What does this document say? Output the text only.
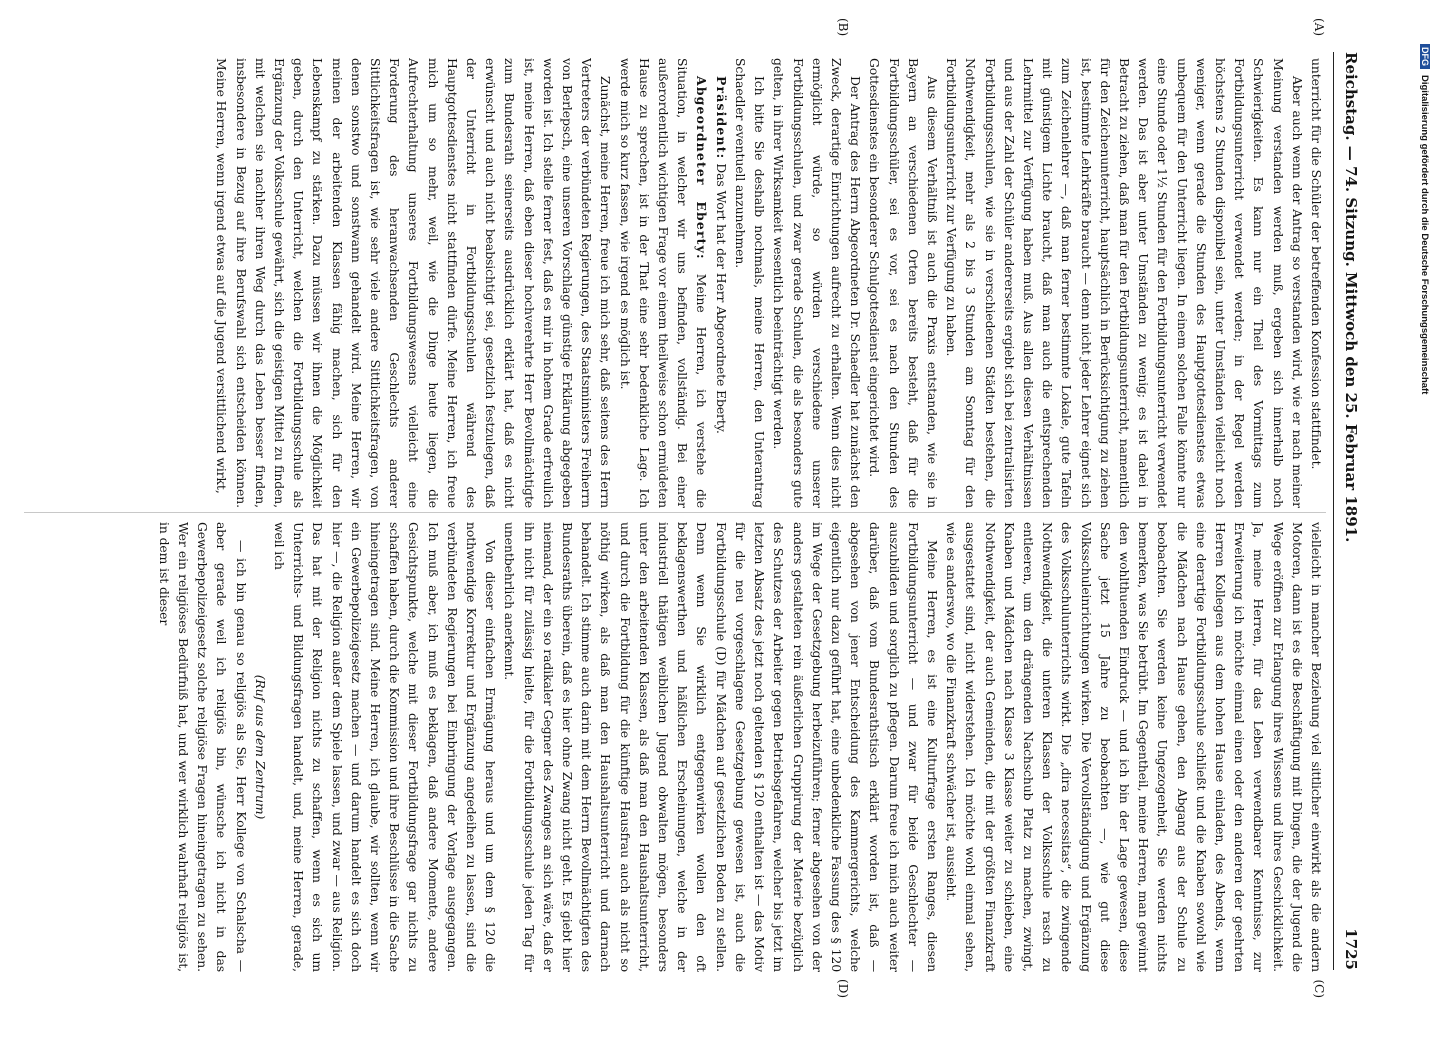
Reichstag. — 74. Sitzung. Mittwoch den 25. Februar 1891.
1725
(A)
(B)
(C)
(D)

unterricht für die Schüler der betreffenden Konfession stattfindet.

Aber auch wenn der Antrag so verstanden wird, wie er nach meiner Meinung verstanden werden muß, ergeben sich innerhalb noch Schwierigkeiten. Es kann nur ein Theil des Vormittags zum Fortbildungsunterricht verwendet werden; in der Regel werden höchstens 2 Stunden disponibel sein, unter Umständen vielleicht noch weniger, wenn gerade die Stunden des Hauptgottesdienstes etwas unbequem für den Unterricht liegen. In einem solchen Falle könnte nur eine Stunde oder 1½ Stunden für den Fortbildungsunterricht verwendet werden. Das ist aber unter Umständen zu wenig; es ist dabei in Betracht zu ziehen, daß man für den Fortbildungsunterricht, namentlich für den Zeichenunterricht, hauptsächlich in Berücksichtigung zu ziehen ist, bestimmte Lehrkräfte braucht — denn nicht jeder Lehrer eignet sich zum Zeichenlehrer —, daß man ferner bestimmte Lokale, gute Tafeln mit günstigem Lichte braucht, daß man auch die entsprechenden Lehrmittel zur Verfügung haben muß. Aus allen diesen Verhältnissen und aus der Zahl der Schüler andererseits ergiebt sich bei zentralisirten Fortbildungsschulen, wie sie in verschiedenen Städten bestehen, die Nothwendigkeit, mehr als 2 bis 3 Stunden am Sonntag für den Fortbildungsunterricht zur Verfügung zu haben.

Aus diesem Verhältniß ist auch die Praxis entstanden, wie sie in Bayern an verschiedenen Orten bereits besteht, daß für die Fortbildungsschüler, sei es vor, sei es nach den Stunden des Gottesdienstes ein besonderer Schulgottesdienst eingerichtet wird.

Der Antrag des Herrn Abgeordneten Dr. Schaedler hat zunächst den Zweck, derartige Einrichtungen aufrecht zu erhalten. Wenn dies nicht ermöglicht würde, so würden verschiedene unserer Fortbildungsschulen, und zwar gerade Schulen, die als besonders gute gelten, in ihrer Wirksamkeit wesentlich beeinträchtigt werden.

Ich bitte Sie deshalb nochmals, meine Herren, den Unterantrag Schaedler eventuell anzunehmen.

Präsident: Das Wort hat der Herr Abgeordnete Eberty.

Abgeordneter Eberty: Meine Herren, ich verstehe die Situation, in welcher wir uns befinden, vollständig. Bei einer außerordentlich wichtigen Frage vor einem theilweise schon ermüdeten Hause zu sprechen, ist in der That eine sehr bedenkliche Lage. Ich werde mich so kurz fassen, wie irgend es möglich ist.

Zunächst, meine Herren, freue ich mich sehr, daß seitens des Herrn Vertreters der verbündeten Regierungen, des Staatsministers Freiherrn von Berlepsch, eine unseren Vorschlage günstige Erklärung abgegeben worden ist. Ich stelle ferner fest, daß es mir in hohem Grade erfreulich ist, meine Herren, daß eben dieser hochverehrte Herr Bevollmächtigte zum Bundesrath seinerseits ausdrücklich erklärt hat, daß es nicht erwünscht und auch nicht beabsichtigt sei, gesetzlich festzulegen, daß der Unterricht in Fortbildungsschulen während des Hauptgottesdienstes nicht stattfinden dürfe. Meine Herren, ich freue mich um so mehr, weil, wie die Dinge heute liegen, die Aufrechterhaltung unseres Fortbildungswesens vielleicht eine Forderung des heranwachsenden Geschlechts anderer Sittlichkeitsfragen ist, wie sehr viele andere Sittlichkeitsfragen, von denen sonstwo und sonstwann gehandelt wird. Meine Herren, wir meinen der arbeitenden Klassen fähig machen, sich für den Lebenskampf zu stärken. Dazu müssen wir ihnen die Möglichkeit geben, durch den Unterricht, welchen die Fortbildungsschule als Ergänzung der Volksschule gewährt, sich die geistigen Mittel zu finden, mit welchen sie nachher ihren Weg durch das Leben besser finden, insbesondere in Bezug auf ihre Berufswahl sich entscheiden können. Meine Herren, wenn irgend etwas auf die Jugend versittlichend wirkt,

vielleicht in mancher Beziehung viel sittlicher einwirkt als die andern Motoren, dann ist es die Beschäftigung mit Dingen, die der Jugend die Wege eröffnen zur Erlangung ihres Wissens und ihres Geschicklichkeit. Ja, meine Herren, für das Leben verwendbarer Kenntnisse, zur Erweiterung ich möchte einmal einen oder den anderen der geehrten Herren Kollegen aus dem hohen Hause einladen, des Abends, wenn eine derartige Fortbildungsschule schließt und die Knaben sowohl wie die Mädchen nach Hause gehen, den Abgang aus der Schule zu beobachten. Sie werden keine Ungezogenheit, Sie werden nichts bemerken, was Sie betrübt. Im Gegentheil, meine Herren, man gewinnt den wohlthuenden Eindruck — und ich bin der Lage gewesen, diese Sache jetzt 15 Jahre zu beobachten —, wie gut diese Volksschuleinrichtungen wirken. Die Vervollständigung und Ergänzung des Volksschulunterrichts wirkt. Die „dira necessitas“, die zwingende Nothwendigkeit, die unteren Klassen der Volksschule rasch zu entleeren, um den drängenden Nachschub Platz zu machen, zwingt, Knaben und Mädchen nach Klasse 3 Klasse weiter zu schieben, eine Nothwendigkeit, der auch Gemeinden, die mit der größten Finanzkraft ausgestattet sind, nicht widerstehen. Ich möchte wohl einmal sehen, wie es anderswo, wo die Finanzkraft schwächer ist, aussieht.

Meine Herren, es ist eine Kulturfrage ersten Ranges, diesen Fortbildungsunterricht — und zwar für beide Geschlechter — auszubilden und sorglich zu pflegen. Darum freue ich mich auch weiter darüber, daß vom Bundesrathstisch erklärt worden ist, daß — abgesehen von jener Entscheidung des Kammergerichts, welche eigentlich nur dazu geführt hat, eine unbedenkliche Fassung des § 120 im Wege der Gesetzgebung herbeizuführen; ferner abgesehen von der anders gestalteten rein äußerlichen Gruppirung der Materie bezüglich des Schutzes der Arbeiter gegen Betriebsgefahren, welcher bis jetzt im letzten Absatz des jetzt noch geltenden § 120 enthalten ist — das Motiv für die neu vorgeschlagene Gesetzgebung gewesen ist, auch die Fortbildungsschule (D) für Mädchen auf gesetzlichen Boden zu stellen. Denn wenn Sie wirklich entgegenwirken wollen den oft beklagenswerthen und häßlichen Erscheinungen, welche in der industriell thätigen weiblichen Jugend obwalten mögen, besonders unter den arbeitenden Klassen, als daß man den Haushaltsunterricht, und durch die Fortbildung für die künftige Hausfrau auch als nicht so nöthig wirken, als daß man den Haushaltsunterricht und darnach behandelt. Ich stimme auch darin mit dem Herrn Bevollmächtigten des Bundesraths überein, daß es hier ohne Zwang nicht geht. Es giebt hier niemand, der ein so radikaler Gegner des Zwanges an sich wäre, daß er ihn nicht für zulässig hielte, für die Fortbildungsschule jeden Tag für unentbehrlich anerkennt.

Von dieser einfachen Ermägung heraus und um dem § 120 die nothwendige Korrektur und Ergänzung angedeihen zu lassen, sind die verbündeten Regierungen bei Einbringung der Vorlage ausgegangen. Ich muß aber, ich muß es beklagen, daß andere Momente, andere Gesichtspunkte, welche mit dieser Fortbildungsfrage gar nichts zu schaffen haben, durch die Kommission und ihre Beschlüsse in die Sache hineingetragen sind. Meine Herren, ich glaube, wir sollten, wenn wir ein Gewerbepolizeigesetz machen — und darum handelt es sich doch hier —, die Religion außer dem Spiele lassen, und zwar — aus Religion. Das hat mit der Religion nichts zu schaffen, wenn es sich um Unterrichts- und Bildungsfragen handelt, und, meine Herren, gerade, weil ich

(Ruf aus dem Zentrum)

— ich bin genau so religiös als Sie, Herr Kollege von Schalscha — aber gerade weil ich religiös bin, wünsche ich nicht in das Gewerbepolizeigesetz solche religiöse Fragen hineingetragen zu sehen. Wer ein religiöses Bedürfniß hat, und wer wirklich wahrhaft religiös ist, in dem ist dieser

DFGDigitalisierung gefördert durch die Deutsche Forschungsgemeinschaft
